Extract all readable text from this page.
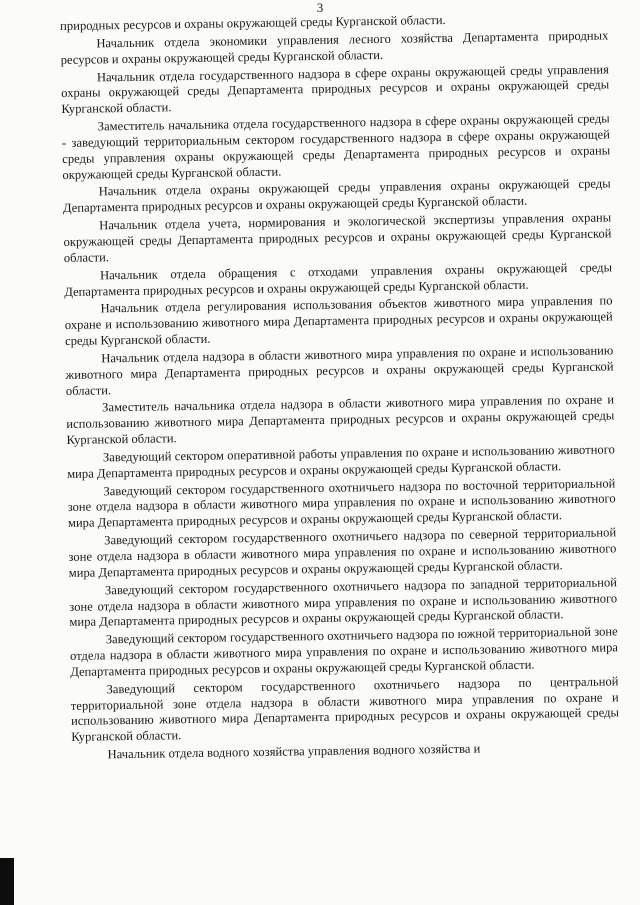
3

природных ресурсов и охраны окружающей среды Курганской области.

Начальник отдела экономики управления лесного хозяйства Департамента природных ресурсов и охраны окружающей среды Курганской области.

Начальник отдела государственного надзора в сфере охраны окружающей среды управления охраны окружающей среды Департамента природных ресурсов и охраны окружающей среды Курганской области.

Заместитель начальника отдела государственного надзора в сфере охраны окружающей среды - заведующий территориальным сектором государственного надзора в сфере охраны окружающей среды управления охраны окружающей среды Департамента природных ресурсов и охраны окружающей среды Курганской области.

Начальник отдела охраны окружающей среды управления охраны окружающей среды Департамента природных ресурсов и охраны окружающей среды Курганской области.

Начальник отдела учета, нормирования и экологической экспертизы управления охраны окружающей среды Департамента природных ресурсов и охраны окружающей среды Курганской области.

Начальник отдела обращения с отходами управления охраны окружающей среды Департамента природных ресурсов и охраны окружающей среды Курганской области.

Начальник отдела регулирования использования объектов животного мира управления по охране и использованию животного мира Департамента природных ресурсов и охраны окружающей среды Курганской области.

Начальник отдела надзора в области животного мира управления по охране и использованию животного мира Департамента природных ресурсов и охраны окружающей среды Курганской области.

Заместитель начальника отдела надзора в области животного мира управления по охране и использованию животного мира Департамента природных ресурсов и охраны окружающей среды Курганской области.

Заведующий сектором оперативной работы управления по охране и использованию животного мира Департамента природных ресурсов и охраны окружающей среды Курганской области.

Заведующий сектором государственного охотничьего надзора по восточной территориальной зоне отдела надзора в области животного мира управления по охране и использованию животного мира Департамента природных ресурсов и охраны окружающей среды Курганской области.

Заведующий сектором государственного охотничьего надзора по северной территориальной зоне отдела надзора в области животного мира управления по охране и использованию животного мира Департамента природных ресурсов и охраны окружающей среды Курганской области.

Заведующий сектором государственного охотничьего надзора по западной территориальной зоне отдела надзора в области животного мира управления по охране и использованию животного мира Департамента природных ресурсов и охраны окружающей среды Курганской области.

Заведующий сектором государственного охотничьего надзора по южной территориальной зоне отдела надзора в области животного мира управления по охране и использованию животного мира Департамента природных ресурсов и охраны окружающей среды Курганской области.

Заведующий сектором государственного охотничьего надзора по центральной территориальной зоне отдела надзора в области животного мира управления по охране и использованию животного мира Департамента природных ресурсов и охраны окружающей среды Курганской области.

Начальник отдела водного хозяйства управления водного хозяйства и
